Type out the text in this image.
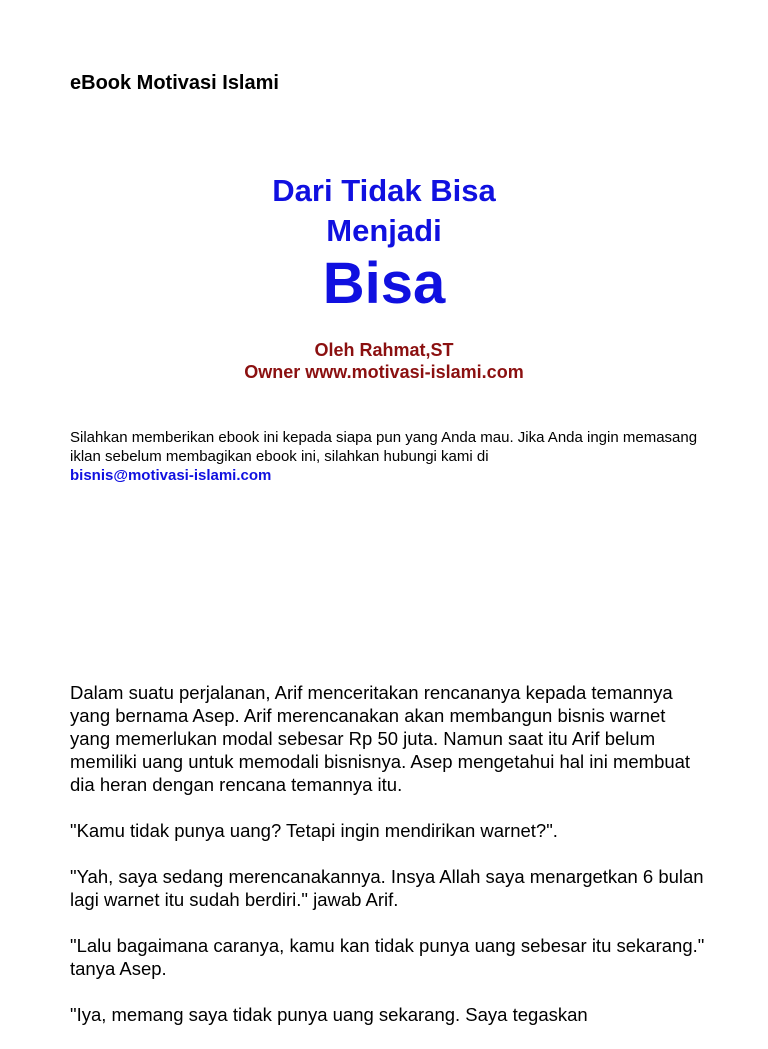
eBook Motivasi Islami
Dari Tidak Bisa
Menjadi
Bisa
Oleh Rahmat,ST
Owner www.motivasi-islami.com

Silahkan memberikan ebook ini kepada siapa pun yang Anda mau. Jika Anda ingin memasang iklan sebelum membagikan ebook ini, silahkan hubungi kami di
bisnis@motivasi-islami.com

Dalam suatu perjalanan, Arif menceritakan rencananya kepada temannya yang bernama Asep. Arif merencanakan akan membangun bisnis warnet yang memerlukan modal sebesar Rp 50 juta. Namun saat itu Arif belum memiliki uang untuk memodali bisnisnya. Asep mengetahui hal ini membuat dia heran dengan rencana temannya itu.

"Kamu tidak punya uang? Tetapi ingin mendirikan warnet?".

"Yah, saya sedang merencanakannya. Insya Allah saya menargetkan 6 bulan lagi warnet itu sudah berdiri." jawab Arif.

"Lalu bagaimana caranya, kamu kan tidak punya uang sebesar itu sekarang." tanya Asep.

"Iya, memang saya tidak punya uang sekarang. Saya tegaskan
